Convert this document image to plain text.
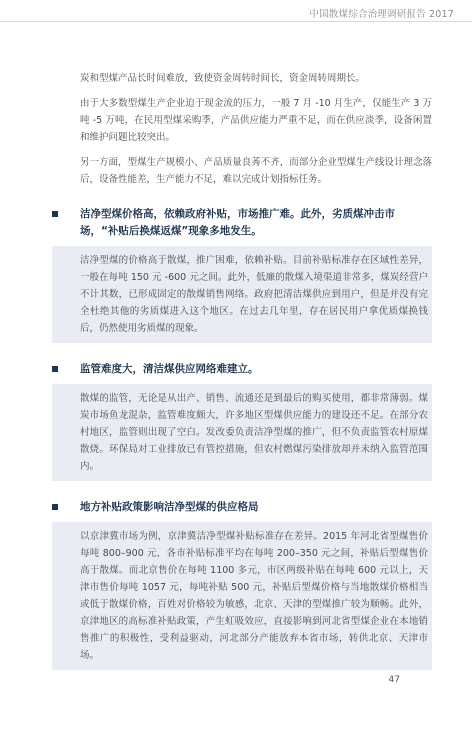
中国散煤综合治理调研报告 2017

炭和型煤产品长时间难放，致使资金周转时间长，资金周转周期长。

由于大多数型煤生产企业迫于现金流的压力，一般 7 月 -10 月生产，仅能生产 3 万吨 -5 万吨，在民用型煤采购季，产品供应能力严重不足，而在供应淡季，设备闲置和维护问题比较突出。

另一方面，型煤生产规模小、产品质量良莠不齐，而部分企业型煤生产线设计理念落后，设备性能差，生产能力不足，难以完成计划指标任务。

洁净型煤价格高，依赖政府补贴，市场推广难。此外，劣质煤冲击市场，“补贴后换煤返煤”现象多地发生。

洁净型煤的价格高于散煤，推广困难，依赖补贴。目前补贴标准存在区域性差异，一般在每吨 150 元 -600 元之间。此外，低廉的散煤入境渠道非常多，煤炭经营户不计其数，已形成固定的散煤销售网络。政府把清洁煤供应到用户，但是并没有完全杜绝其他的劣质煤进入这个地区。在过去几年里，存在居民用户拿优质煤换钱后，仍然使用劣质煤的现象。

监管难度大，清洁煤供应网络难建立。

散煤的监管，无论是从出产、销售、流通还是到最后的购买使用，都非常薄弱。煤炭市场鱼龙混杂，监管难度颇大，许多地区型煤供应能力的建设还不足。在部分农村地区，监管则出现了空白。发改委负责洁净型煤的推广，但不负责监管农村原煤散烧。环保局对工业排放已有管控措施，但农村燃煤污染排放却并未纳入监管范围内。

地方补贴政策影响洁净型煤的供应格局

以京津冀市场为例，京津冀洁净型煤补贴标准存在差异。2015 年河北省型煤售价每吨 800–900 元，各市补贴标准平均在每吨 200–350 元之间，补贴后型煤售价高于散煤。而北京售价在每吨 1100 多元，市区两级补贴在每吨 600 元以上，天津市售价每吨 1057 元，每吨补贴 500 元，补贴后型煤价格与当地散煤价格相当或低于散煤价格，百姓对价格较为敏感，北京、天津的型煤推广较为顺畅。此外，京津地区的高标准补贴政策，产生虹吸效应，直接影响到河北省型煤企业在本地销售推广的积极性，受利益驱动，河北部分产能放弃本省市场，转供北京、天津市场。

47
